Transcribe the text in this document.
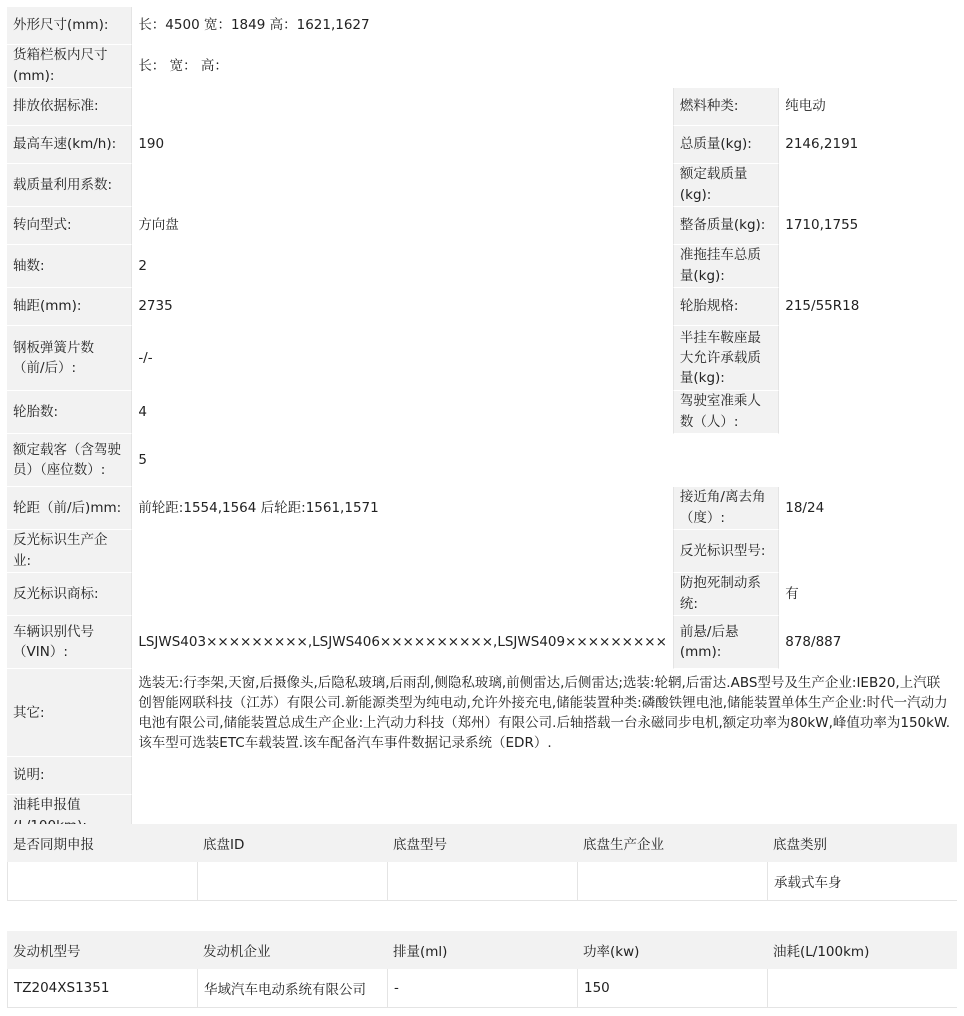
外形尺寸(mm):	长：4500 宽：1849 高：1621,1627		
货箱栏板内尺寸(mm):	长： 宽： 高：		
排放依据标准:		燃料种类:	纯电动
最高车速(km/h):	190	总质量(kg):	2146,2191
载质量利用系数:		额定载质量(kg):	
转向型式:	方向盘	整备质量(kg):	1710,1755
轴数:	2	准拖挂车总质量(kg):	
轴距(mm):	2735	轮胎规格:	215/55R18
钢板弹簧片数（前/后）:	-/-	半挂车鞍座最大允许承载质量(kg):	
轮胎数:	4	驾驶室准乘人数（人）:	
额定载客（含驾驶员）（座位数）:	5		
轮距（前/后)mm:	前轮距:1554,1564 后轮距:1561,1571	接近角/离去角（度）:	18/24
反光标识生产企业:		反光标识型号:	
反光标识商标:		防抱死制动系统:	有
车辆识别代号（VIN）:	LSJWS403×××××××××,LSJWS406××××××××××,LSJWS409×××××××××	前悬/后悬(mm):	878/887
其它:	选装无:行李架,天窗,后摄像头,后隐私玻璃,后雨刮,侧隐私玻璃,前侧雷达,后侧雷达;选装:轮辋,后雷达.ABS型号及生产企业:IEB20,上汽联创智能网联科技（江苏）有限公司.新能源类型为纯电动,允许外接充电,储能装置种类:磷酸铁锂电池,储能装置单体生产企业:时代一汽动力电池有限公司,储能装置总成生产企业:上汽动力科技（郑州）有限公司.后轴搭载一台永磁同步电机,额定功率为80kW,峰值功率为150kW.该车型可选装ETC车载装置.该车配备汽车事件数据记录系统（EDR）.		
说明:			
油耗申报值			
是否同期申报	底盘ID	底盘型号	底盘生产企业	底盘类别
				承载式车身
发动机型号	发动机企业	排量(ml)	功率(kw)	油耗(L/100km)
TZ204XS1351	华域汽车电动系统有限公司	-	150	
